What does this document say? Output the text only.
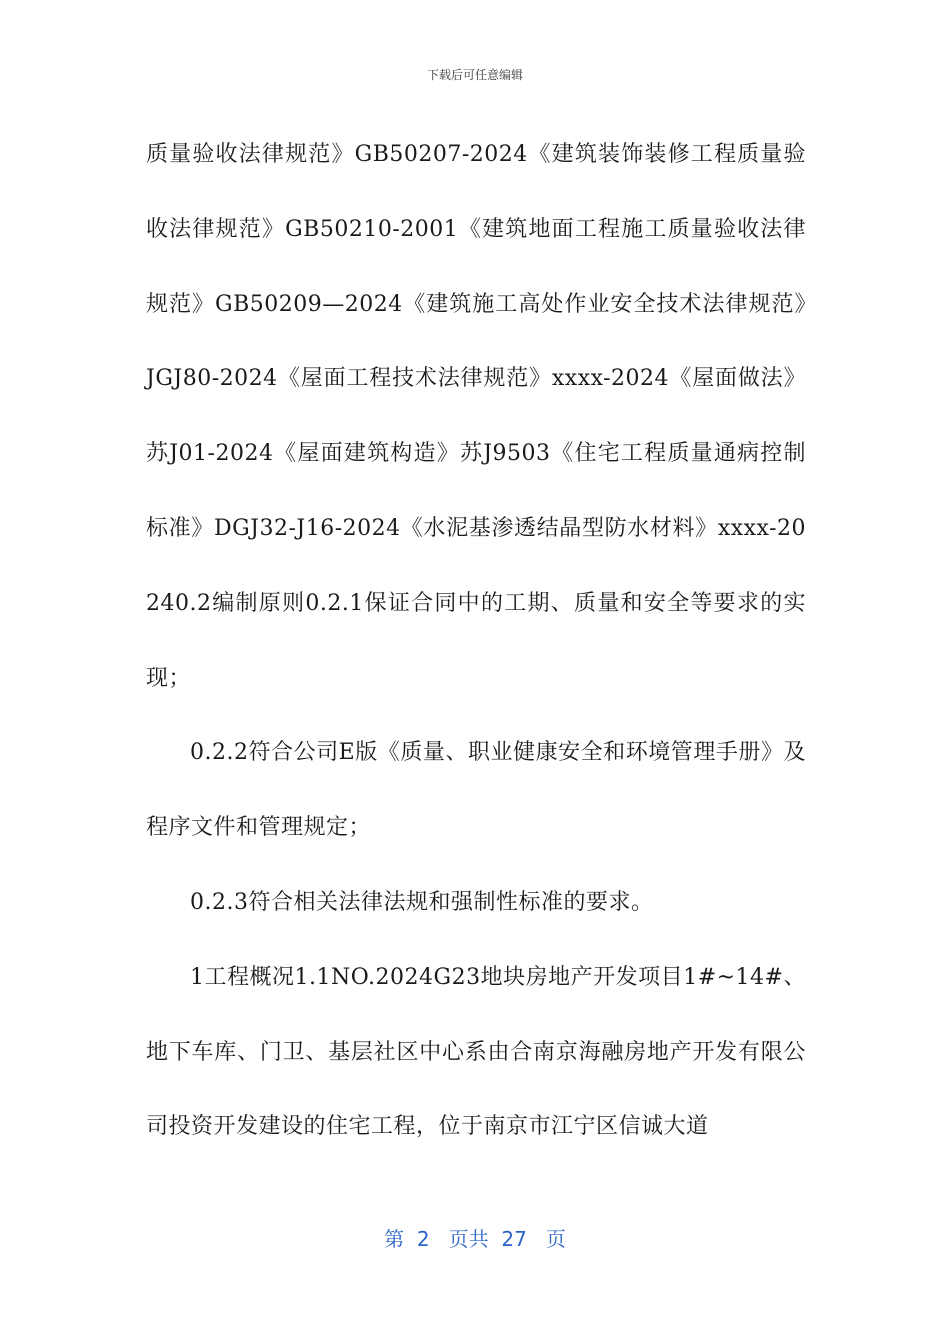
下载后可任意编辑

质量验收法律规范》GB50207-2024《建筑装饰装修工程质量验收法律规范》GB50210-2001《建筑地面工程施工质量验收法律规范》GB50209—2024《建筑施工高处作业安全技术法律规范》JGJ80-2024《屋面工程技术法律规范》xxxx-2024《屋面做法》苏J01-2024《屋面建筑构造》苏J9503《住宅工程质量通病控制标准》DGJ32-J16-2024《水泥基渗透结晶型防水材料》xxxx-20240.2编制原则0.2.1保证合同中的工期、质量和安全等要求的实现；

0.2.2符合公司E版《质量、职业健康安全和环境管理手册》及程序文件和管理规定；

0.2.3符合相关法律法规和强制性标准的要求。

1工程概况1.1NO.2024G23地块房地产开发项目1#~14#、地下车库、门卫、基层社区中心系由合南京海融房地产开发有限公司投资开发建设的住宅工程，位于南京市江宁区信诚大道

第  2   页共  27   页
